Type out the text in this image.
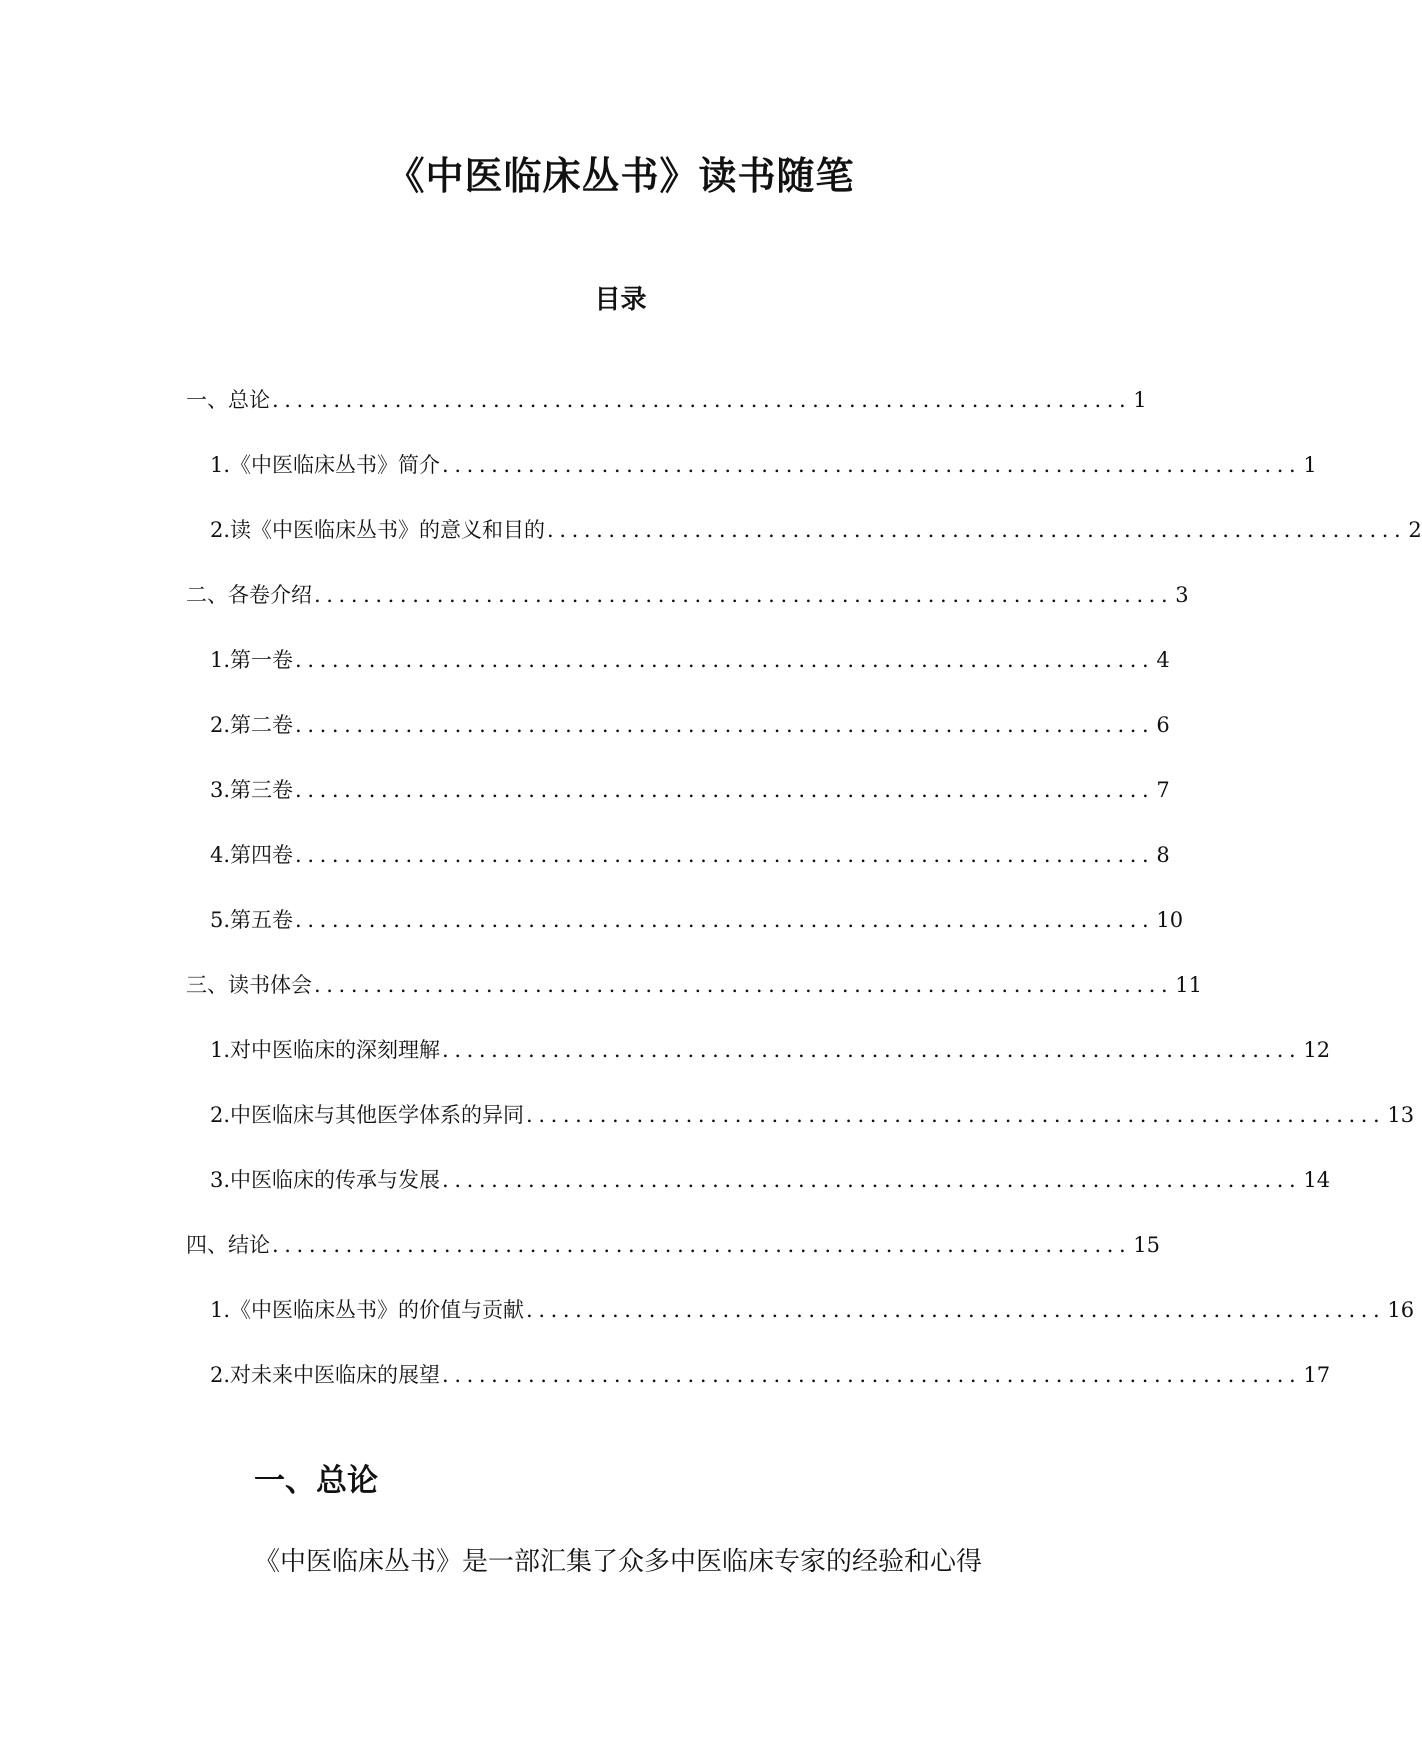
《中医临床丛书》读书随笔
目录
一、总论 ...................................................................... 1
1. 《中医临床丛书》简介 ...................................................................... 1
2. 读《中医临床丛书》的意义和目的 ...................................................................... 2
二、各卷介绍 ...................................................................... 3
1. 第一卷 ...................................................................... 4
2. 第二卷 ...................................................................... 6
3. 第三卷 ...................................................................... 7
4. 第四卷 ...................................................................... 8
5. 第五卷 ...................................................................... 10
三、读书体会 ...................................................................... 11
1. 对中医临床的深刻理解 ...................................................................... 12
2. 中医临床与其他医学体系的异同 ...................................................................... 13
3. 中医临床的传承与发展 ...................................................................... 14
四、结论 ...................................................................... 15
1. 《中医临床丛书》的价值与贡献 ...................................................................... 16
2. 对未来中医临床的展望 ...................................................................... 17
一、总论
《中医临床丛书》是一部汇集了众多中医临床专家的经验和心得
